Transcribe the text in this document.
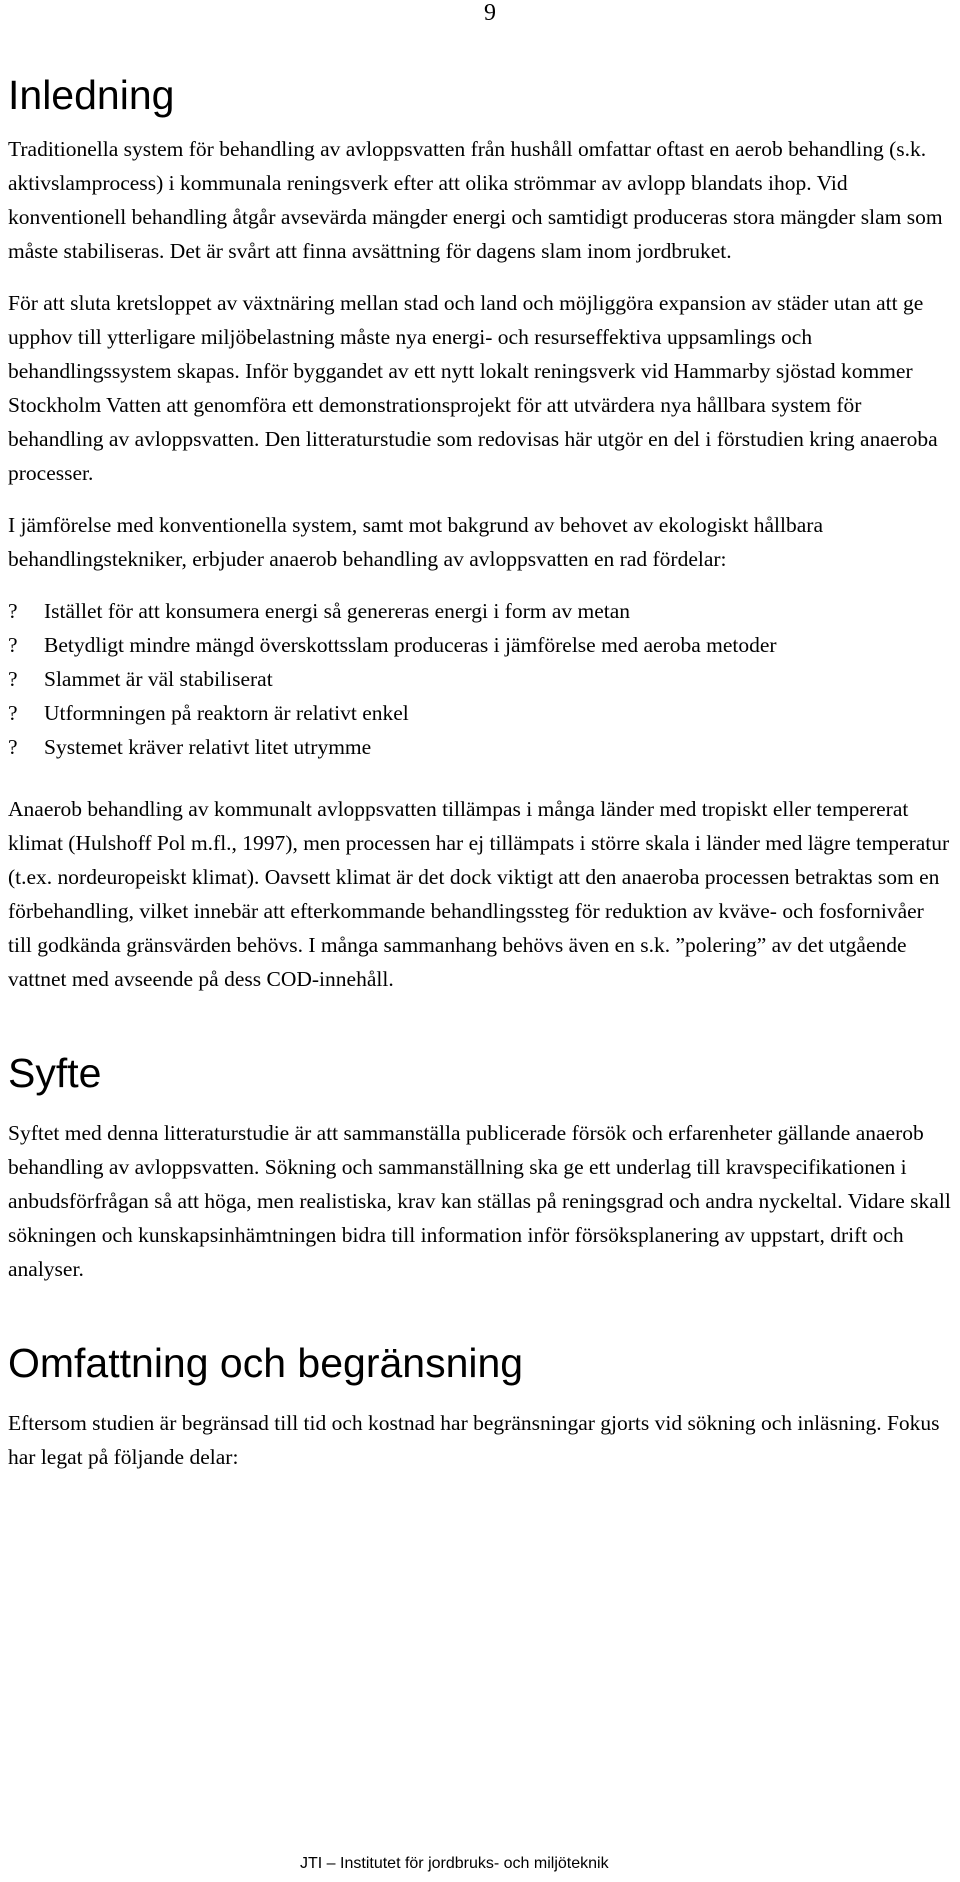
9
Inledning

Traditionella system för behandling av avloppsvatten från hushåll omfattar oftast en aerob behandling (s.k. aktivslamprocess) i kommunala reningsverk efter att olika strömmar av avlopp blandats ihop. Vid konventionell behandling åtgår avsevärda mängder energi och samtidigt produceras stora mängder slam som måste stabiliseras. Det är svårt att finna avsättning för dagens slam inom jordbruket.

För att sluta kretsloppet av växtnäring mellan stad och land och möjliggöra expansion av städer utan att ge upphov till ytterligare miljöbelastning måste nya energi- och resurseffektiva uppsamlings och behandlingssystem skapas. Inför byggandet av ett nytt lokalt reningsverk vid Hammarby sjöstad kommer Stockholm Vatten att genomföra ett demonstrationsprojekt för att utvärdera nya hållbara system för behandling av avloppsvatten. Den litteraturstudie som redovisas här utgör en del i förstudien kring anaeroba processer.

I jämförelse med konventionella system, samt mot bakgrund av behovet av ekologiskt hållbara behandlingstekniker, erbjuder anaerob behandling av avloppsvatten en rad fördelar:

? Istället för att konsumera energi så genereras energi i form av metan
? Betydligt mindre mängd överskottsslam produceras i jämförelse med aeroba metoder
? Slammet är väl stabiliserat
? Utformningen på reaktorn är relativt enkel
? Systemet kräver relativt litet utrymme

Anaerob behandling av kommunalt avloppsvatten tillämpas i många länder med tropiskt eller tempererat klimat (Hulshoff Pol m.fl., 1997), men processen har ej tillämpats i större skala i länder med lägre temperatur (t.ex. nordeuropeiskt klimat). Oavsett klimat är det dock viktigt att den anaeroba processen betraktas som en förbehandling, vilket innebär att efterkommande behandlingssteg för reduktion av kväve- och fosfornivåer till godkända gränsvärden behövs. I många sammanhang behövs även en s.k. ”polering” av det utgående vattnet med avseende på dess COD-innehåll.

Syfte

Syftet med denna litteraturstudie är att sammanställa publicerade försök och erfarenheter gällande anaerob behandling av avloppsvatten. Sökning och sammanställning ska ge ett underlag till kravspecifikationen i anbudsförfrågan så att höga, men realistiska, krav kan ställas på reningsgrad och andra nyckeltal. Vidare skall sökningen och kunskapsinhämtningen bidra till information inför försöksplanering av uppstart, drift och analyser.

Omfattning och begränsning

Eftersom studien är begränsad till tid och kostnad har begränsningar gjorts vid sökning och inläsning. Fokus har legat på följande delar:

JTI – Institutet för jordbruks- och miljöteknik
